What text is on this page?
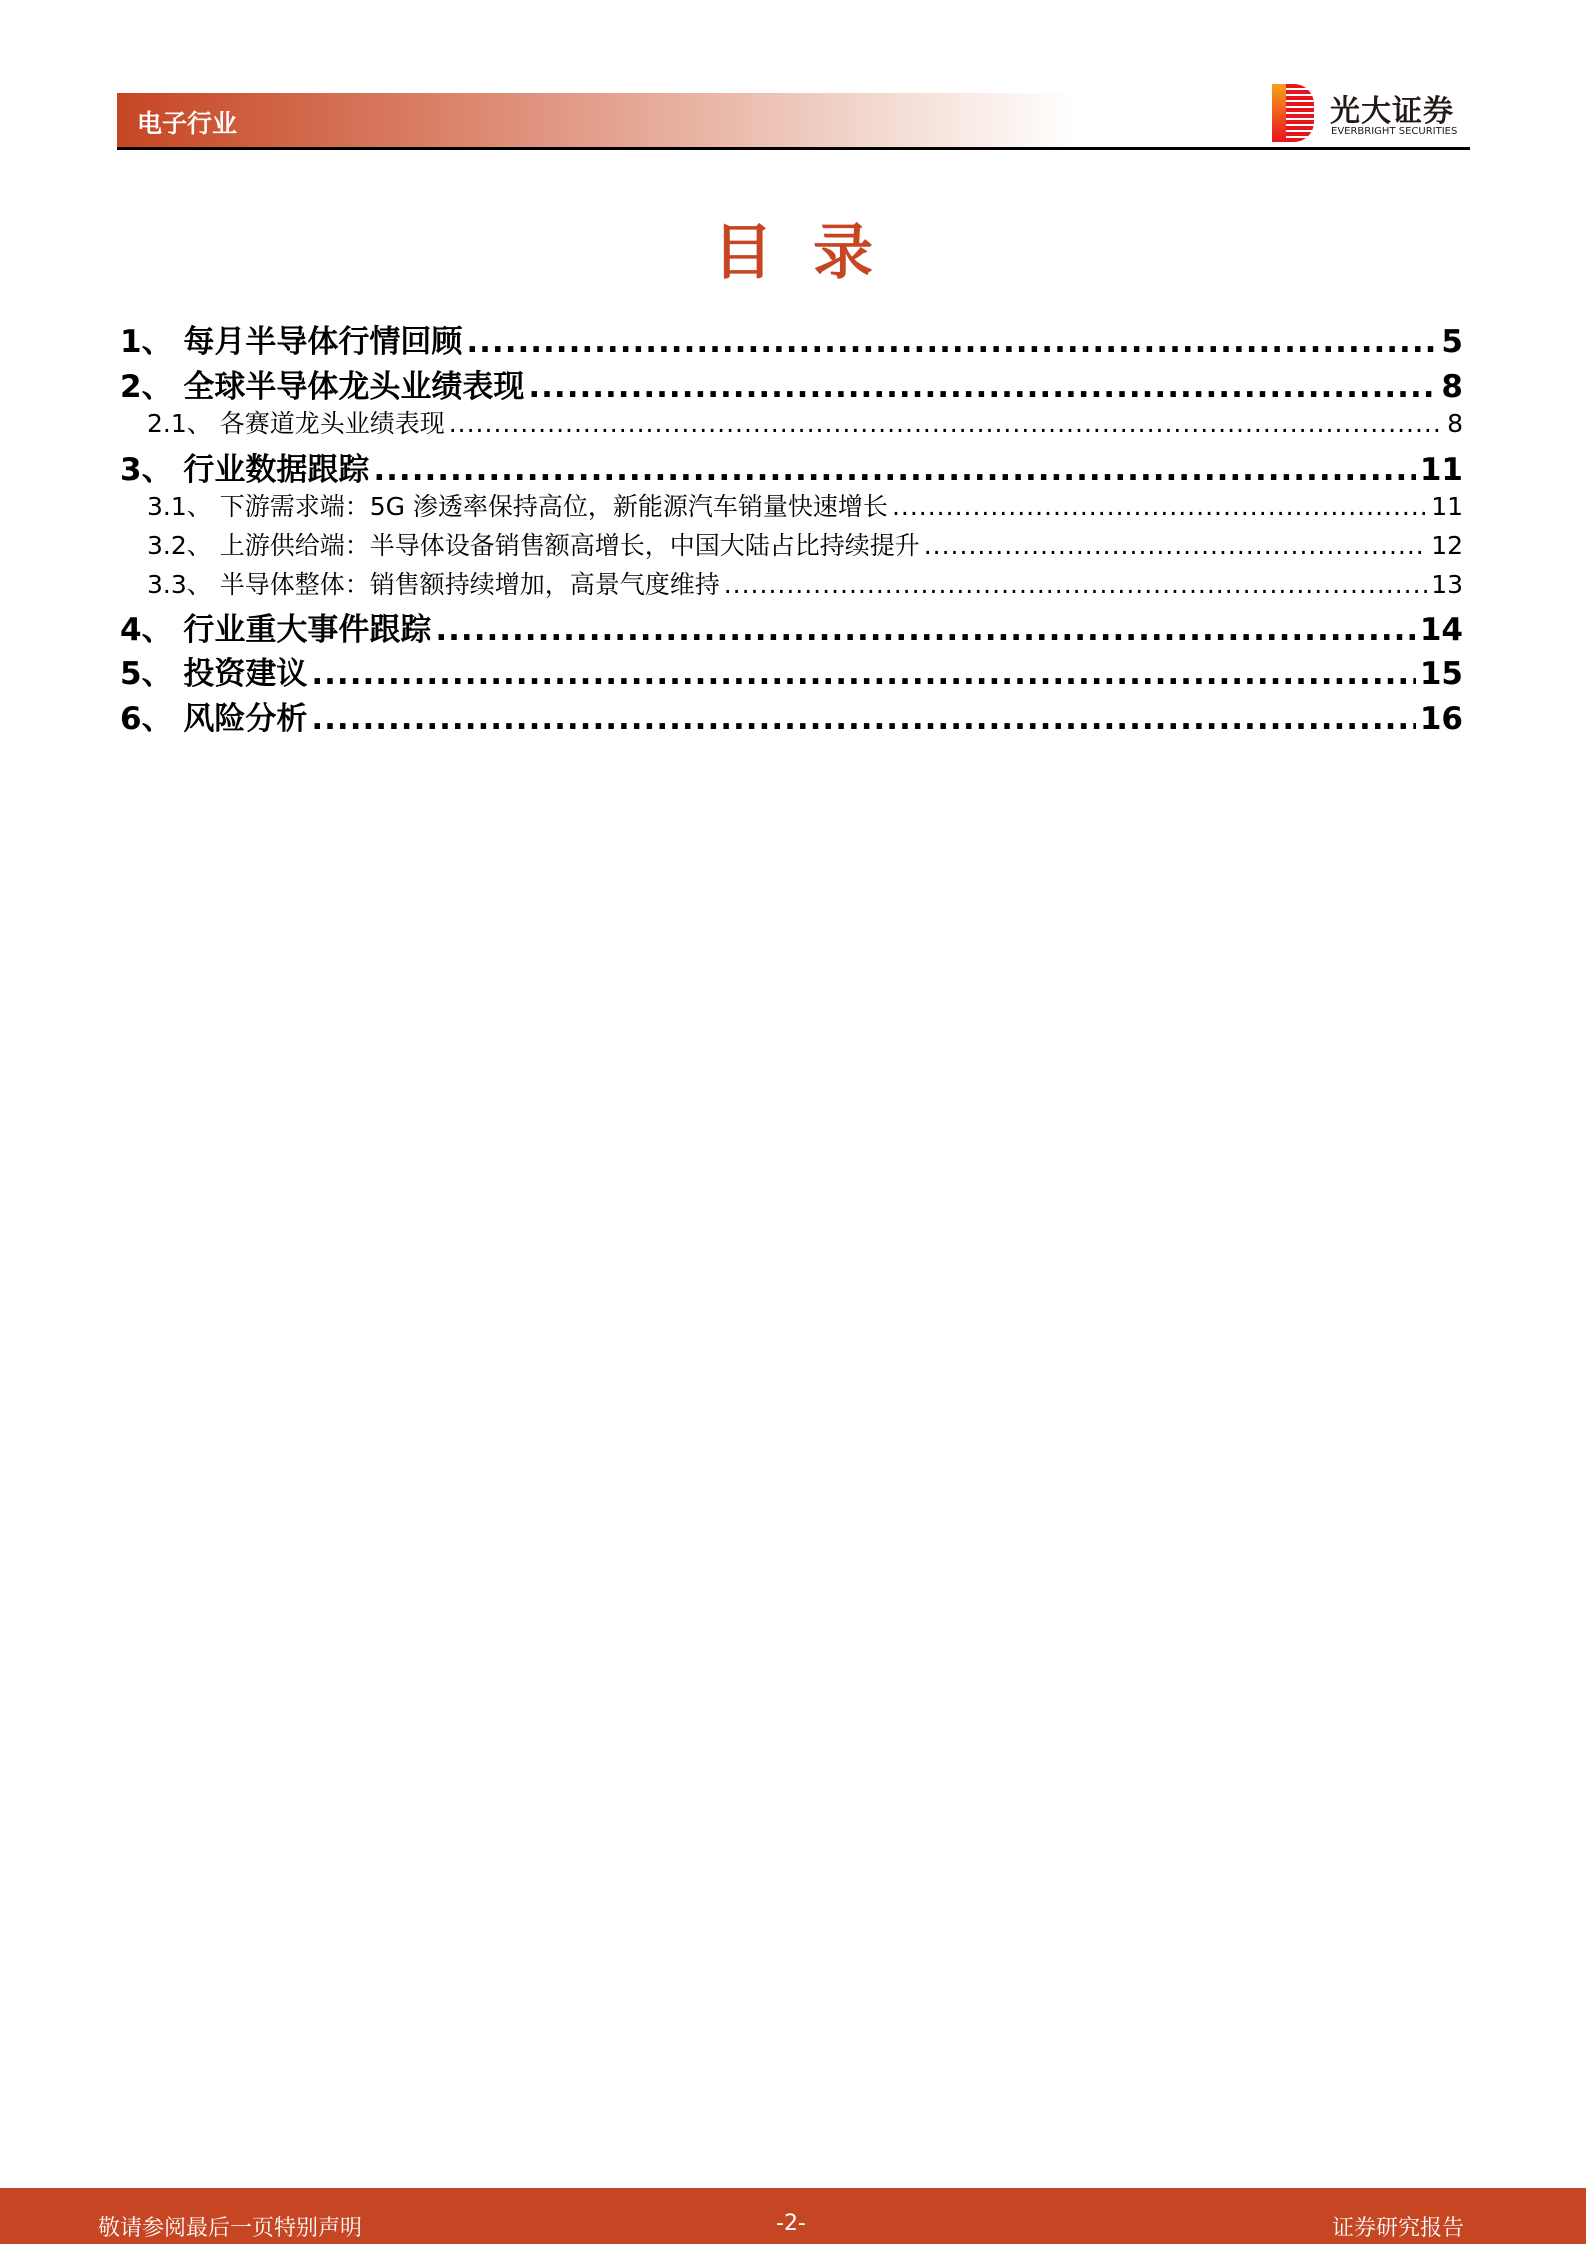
电子行业	光大证券
EVERBRIGHT SECURITIES
目录
1、 每月半导体行情回顾 .....	5
2、 全球半导体龙头业绩表现 .....	8
2.1、 各赛道龙头业绩表现 .....	8
3、 行业数据跟踪 .....	11
3.1、 下游需求端：5G 渗透率保持高位，新能源汽车销量快速增长 .....	11
3.2、 上游供给端：半导体设备销售额高增长，中国大陆占比持续提升 .....	12
3.3、 半导体整体：销售额持续增加，高景气度维持 .....	13
4、 行业重大事件跟踪 .....	14
5、 投资建议 .....	15
6、 风险分析 .....	16
敬请参阅最后一页特别声明	-2-	证券研究报告
